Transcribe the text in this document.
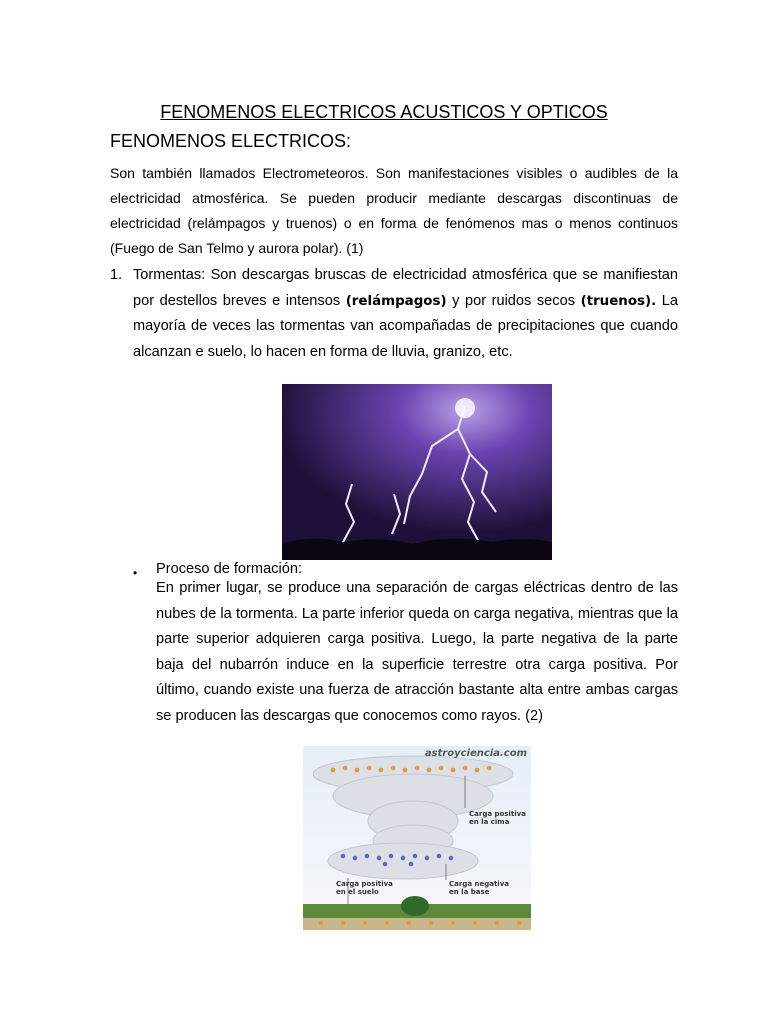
FENOMENOS ELECTRICOS ACUSTICOS Y OPTICOS
FENOMENOS ELECTRICOS:
Son también llamados Electrometeoros. Son manifestaciones visibles o audibles de la electricidad atmosférica. Se pueden producir mediante descargas discontinuas de electricidad (relámpagos y truenos) o en forma de fenómenos mas o menos continuos (Fuego de San Telmo y aurora polar). (1)
1. Tormentas: Son descargas bruscas de electricidad atmosférica que se manifiestan por destellos breves e intensos (relámpagos) y por ruidos secos (truenos). La mayoría de veces las tormentas van acompañadas de precipitaciones que cuando alcanzan e suelo, lo hacen en forma de lluvia, granizo, etc.
• Proceso de formación:
En primer lugar, se produce una separación de cargas eléctricas dentro de las nubes de la tormenta. La parte inferior queda on carga negativa, mientras que la parte superior adquieren carga positiva. Luego, la parte negativa de la parte baja del nubarrón induce en la superficie terrestre otra carga positiva. Por último, cuando existe una fuerza de atracción bastante alta entre ambas cargas se producen las descargas que conocemos como rayos. (2)
astroyciencia.com
Carga positiva
en la cima
Carga positiva
en el suelo
Carga negativa
en la base
